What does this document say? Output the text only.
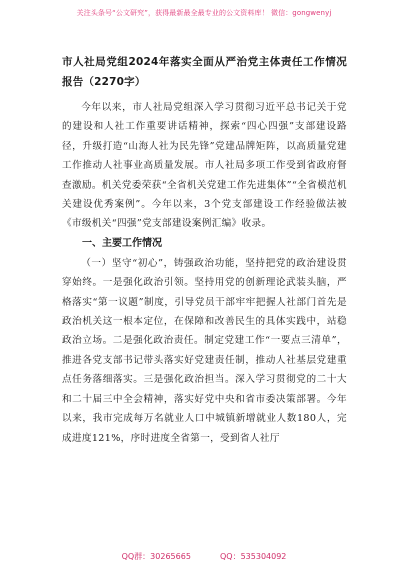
关注头条号“公文研究”，获得最新最全最专业的公文资料库！ 微信：gongwenyj

市人社局党组2024年落实全面从严治党主体责任工作情况报告（2270字）

今年以来，市人社局党组深入学习贯彻习近平总书记关于党的建设和人社工作重要讲话精神，探索“四心四强”支部建设路径，升级打造“山海人社为民先锋”党建品牌矩阵，以高质量党建工作推动人社事业高质量发展。市人社局多项工作受到省政府督查激励。机关党委荣获“全省机关党建工作先进集体”“全省模范机关建设优秀案例”。今年以来，3个党支部建设工作经验做法被《市级机关“四强”党支部建设案例汇编》收录。

一、主要工作情况

（一）坚守“初心”，铸强政治功能，坚持把党的政治建设贯穿始终。一是强化政治引领。坚持用党的创新理论武装头脑，严格落实“第一议题”制度，引导党员干部牢牢把握人社部门首先是政治机关这一根本定位，在保障和改善民生的具体实践中，站稳政治立场。二是强化政治责任。制定党建工作“一要点三清单”，推进各党支部书记带头落实好党建责任制，推动人社基层党建重点任务落细落实。三是强化政治担当。深入学习贯彻党的二十大和二十届三中全会精神，落实好党中央和省市委决策部署。今年以来，我市完成每万名就业人口中城镇新增就业人数180人，完成进度121%，序时进度全省第一，受到省人社厅

QQ群：30265665	QQ：535304092
